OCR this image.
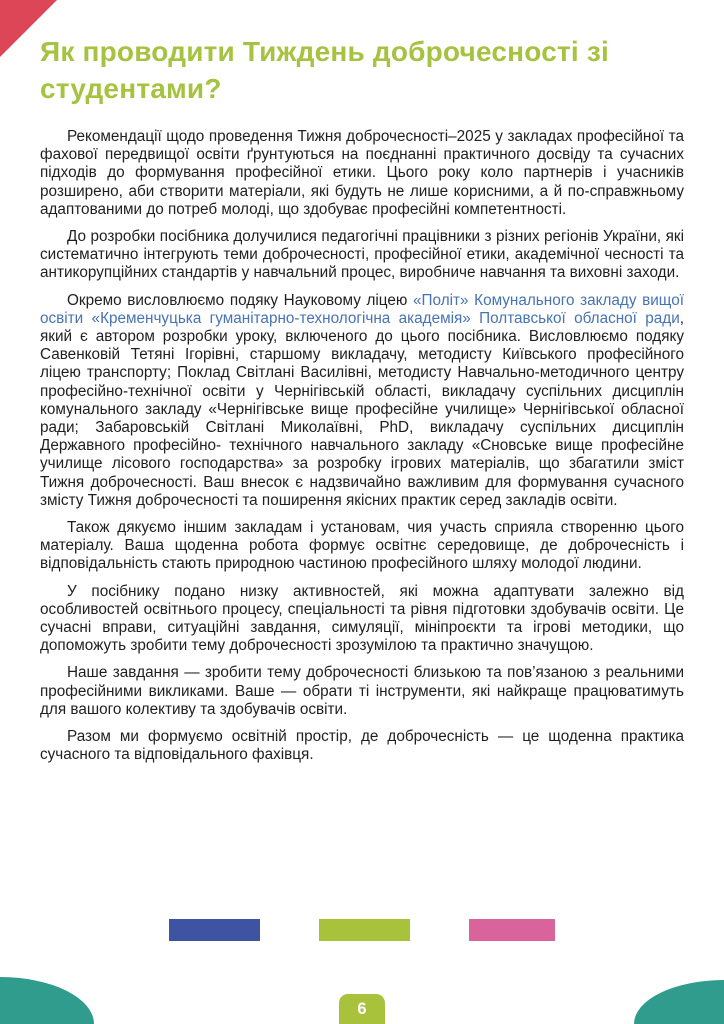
Як проводити Тиждень доброчесності зі студентами?

Рекомендації щодо проведення Тижня доброчесності–2025 у закладах професійної та фахової передвищої освіти ґрунтуються на поєднанні практичного досвіду та сучасних підходів до формування професійної етики. Цього року коло партнерів і учасників розширено, аби створити матеріали, які будуть не лише корисними, а й по-справжньому адаптованими до потреб молоді, що здобуває професійні компетентності.

До розробки посібника долучилися педагогічні працівники з різних регіонів України, які систематично інтегрують теми доброчесності, професійної етики, академічної чесності та антикорупційних стандартів у навчальний процес, виробниче навчання та виховні заходи.

Окремо висловлюємо подяку Науковому ліцею «Політ» Комунального закладу вищої освіти «Кременчуцька гуманітарно-технологічна академія» Полтавської обласної ради, який є автором розробки уроку, включеного до цього посібника. Висловлюємо подяку Савенковій Тетяні Ігорівні, старшому викладачу, методисту Київського професійного ліцею транспорту; Поклад Світлані Василівні, методисту Навчально-методичного центру професійно-технічної освіти у Чернігівській області, викладачу суспільних дисциплін комунального закладу «Чернігівське вище професійне училище» Чернігівської обласної ради; Забаровській Світлані Миколаївні, PhD, викладачу суспільних дисциплін Державного професійно- технічного навчального закладу «Сновське вище професійне училище лісового господарства» за розробку ігрових матеріалів, що збагатили зміст Тижня доброчесності. Ваш внесок є надзвичайно важливим для формування сучасного змісту Тижня доброчесності та поширення якісних практик серед закладів освіти.

Також дякуємо іншим закладам і установам, чия участь сприяла створенню цього матеріалу. Ваша щоденна робота формує освітнє середовище, де доброчесність і відповідальність стають природною частиною професійного шляху молодої людини.

У посібнику подано низку активностей, які можна адаптувати залежно від особливостей освітнього процесу, спеціальності та рівня підготовки здобувачів освіти. Це сучасні вправи, ситуаційні завдання, симуляції, мініпроєкти та ігрові методики, що допоможуть зробити тему доброчесності зрозумілою та практично значущою.

Наше завдання — зробити тему доброчесності близькою та пов’язаною з реальними професійними викликами. Ваше — обрати ті інструменти, які найкраще працюватимуть для вашого колективу та здобувачів освіти.

Разом ми формуємо освітній простір, де доброчесність — це щоденна практика сучасного та відповідального фахівця.

6
